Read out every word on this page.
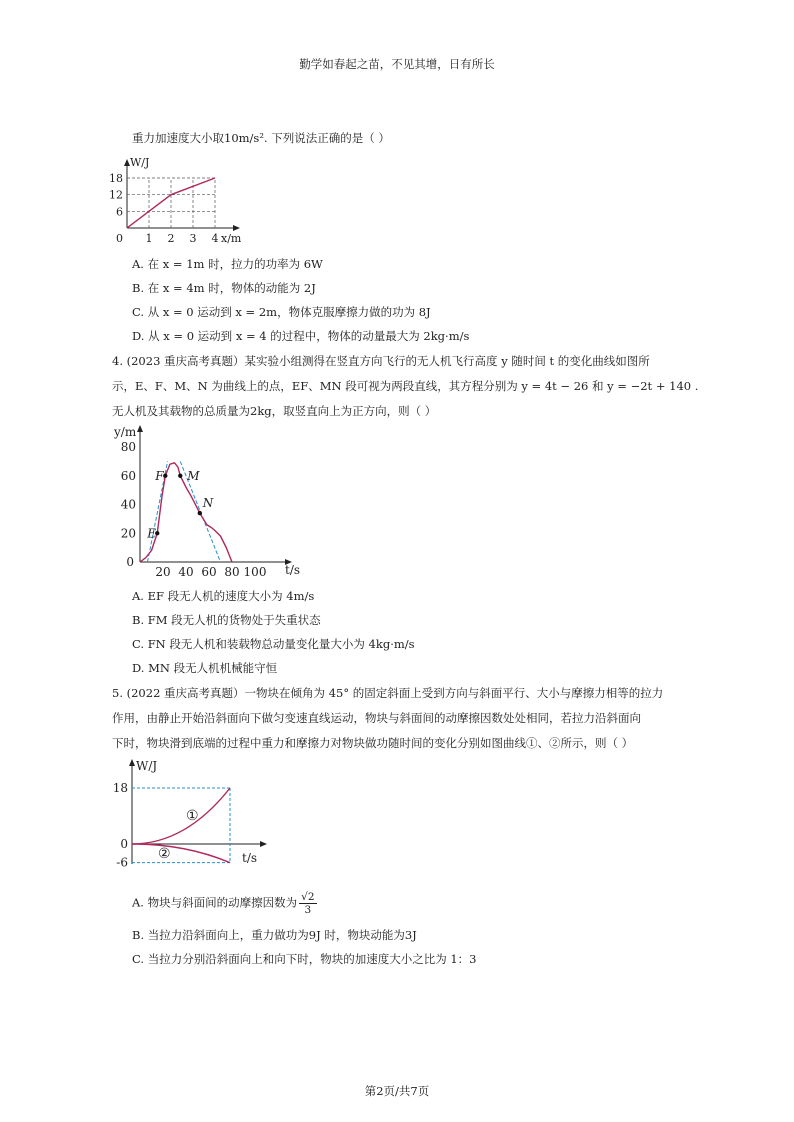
勤学如春起之苗，不见其增，日有所长
重力加速度大小取10m/s². 下列说法正确的是（ ）
W/J
x/m
6
12
18
0 1 2 3 4
A. 在 x = 1m 时，拉力的功率为 6W
B. 在 x = 4m 时，物体的动能为 2J
C. 从 x = 0 运动到 x = 2m，物体克服摩擦力做的功为 8J
D. 从 x = 0 运动到 x = 4 的过程中，物体的动量最大为 2kg·m/s
4. (2023 重庆高考真题）某实验小组测得在竖直方向飞行的无人机飞行高度 y 随时间 t 的变化曲线如图所
示，E、F、M、N 为曲线上的点，EF、MN 段可视为两段直线，其方程分别为 y = 4t − 26 和 y = −2t + 140 .
无人机及其载物的总质量为2kg，取竖直向上为正方向，则（ ）
y/m
t/s
0
20
40
60
80
20 40 60 80 100
E
F M
N
A. EF 段无人机的速度大小为 4m/s
B. FM 段无人机的货物处于失重状态
C. FN 段无人机和装载物总动量变化量大小为 4kg·m/s
D. MN 段无人机机械能守恒
5. (2022 重庆高考真题）一物块在倾角为 45° 的固定斜面上受到方向与斜面平行、大小与摩擦力相等的拉力
作用，由静止开始沿斜面向下做匀变速直线运动，物块与斜面间的动摩擦因数处处相同，若拉力沿斜面向
下时，物块滑到底端的过程中重力和摩擦力对物块做功随时间的变化分别如图曲线①、②所示，则（ ）
W/J
t/s
18
0
-6
①
②
A. 物块与斜面间的动摩擦因数为 $\frac{√2}{3}$
B. 当拉力沿斜面向上，重力做功为9J 时，物块动能为3J
C. 当拉力分别沿斜面向上和向下时，物块的加速度大小之比为 1：3
第2页/共7页
